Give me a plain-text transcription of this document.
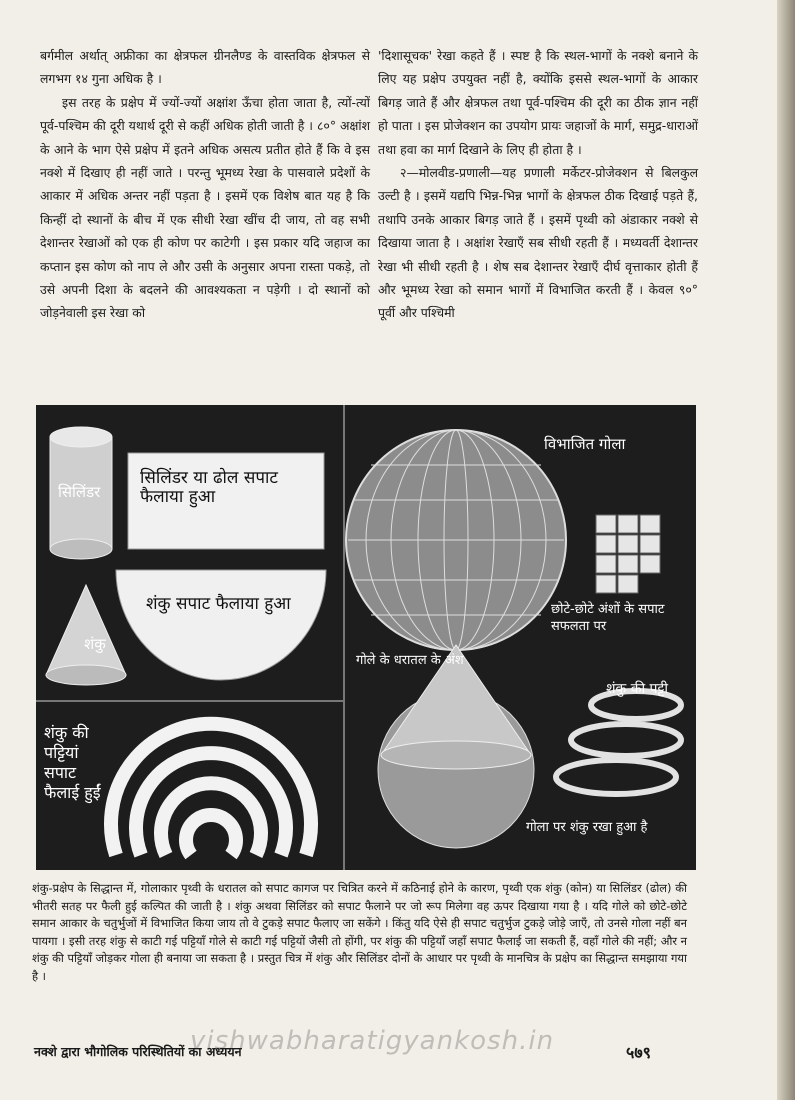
बर्गमील अर्थात् अफ्रीका का क्षेत्रफल ग्रीनलैण्ड के वास्तविक क्षेत्रफल से लगभग १४ गुना अधिक है ।

इस तरह के प्रक्षेप में ज्यों-ज्यों अक्षांश ऊँचा होता जाता है, त्यों-त्यों पूर्व-पश्चिम की दूरी यथार्थ दूरी से कहीं अधिक होती जाती है । ८०° अक्षांश के आने के भाग ऐसे प्रक्षेप में इतने अधिक असत्य प्रतीत होते हैं कि वे इस नक्शे में दिखाए ही नहीं जाते । परन्तु भूमध्य रेखा के पासवाले प्रदेशों के आकार में अधिक अन्तर नहीं पड़ता है । इसमें एक विशेष बात यह है कि किन्हीं दो स्थानों के बीच में एक सीधी रेखा खींच दी जाय, तो वह सभी देशान्तर रेखाओं को एक ही कोण पर काटेगी । इस प्रकार यदि जहाज का कप्तान इस कोण को नाप ले और उसी के अनुसार अपना रास्ता पकड़े, तो उसे अपनी दिशा के बदलने की आवश्यकता न पड़ेगी । दो स्थानों को जोड़नेवाली इस रेखा को

'दिशासूचक' रेखा कहते हैं । स्पष्ट है कि स्थल-भागों के नक्शे बनाने के लिए यह प्रक्षेप उपयुक्त नहीं है, क्योंकि इससे स्थल-भागों के आकार बिगड़ जाते हैं और क्षेत्रफल तथा पूर्व-पश्चिम की दूरी का ठीक ज्ञान नहीं हो पाता । इस प्रोजेक्शन का उपयोग प्रायः जहाजों के मार्ग, समुद्र-धाराओं तथा हवा का मार्ग दिखाने के लिए ही होता है ।

२—मोलवीड-प्रणाली—यह प्रणाली मर्केटर-प्रोजेक्शन से बिलकुल उल्टी है । इसमें यद्यपि भिन्न-भिन्न भागों के क्षेत्रफल ठीक दिखाई पड़ते हैं, तथापि उनके आकार बिगड़ जाते हैं । इसमें पृथ्वी को अंडाकार नक्शे से दिखाया जाता है । अक्षांश रेखाएँ सब सीधी रहती हैं । मध्यवर्ती देशान्तर रेखा भी सीधी रहती है । शेष सब देशान्तर रेखाएँ दीर्घ वृत्ताकार होती हैं और भूमध्य रेखा को समान भागों में विभाजित करती हैं । केवल ९०° पूर्वी और पश्चिमी

सिलिंडर
सिलिंडर या ढोल सपाट फैलाया हुआ
शंकु
शंकु सपाट फैलाया हुआ
शंकु की पट्टियां सपाट फैलाई हुईं
विभाजित गोला
छोटे-छोटे अंशों के सपाट सफलता पर
गोले के धरातल के अंश
शंकु की पट्टी
गोला पर शंकु रखा हुआ है
शंकु-प्रक्षेप के सिद्धान्त में, गोलाकार पृथ्वी के धरातल को सपाट कागज पर चित्रित करने में कठिनाई होने के कारण, पृथ्वी एक शंकु (कोन) या सिलिंडर (ढोल) की भीतरी सतह पर फैली हुई कल्पित की जाती है । शंकु अथवा सिलिंडर को सपाट फैलाने पर जो रूप मिलेगा वह ऊपर दिखाया गया है । यदि गोले को छोटे-छोटे समान आकार के चतुर्भुजों में विभाजित किया जाय तो वे टुकड़े सपाट फैलाए जा सकेंगे । किंतु यदि ऐसे ही सपाट चतुर्भुज टुकड़े जोड़े जाएँ, तो उनसे गोला नहीं बन पायगा । इसी तरह शंकु से काटी गई पट्टियाँ गोले से काटी गई पट्टियों जैसी तो होंगी, पर शंकु की पट्टियाँ जहाँ सपाट फैलाई जा सकती हैं, वहाँ गोले की नहीं; और न शंकु की पट्टियाँ जोड़कर गोला ही बनाया जा सकता है । प्रस्तुत चित्र में शंकु और सिलिंडर दोनों के आधार पर पृथ्वी के मानचित्र के प्रक्षेप का सिद्धान्त समझाया गया है ।
vishwabharatigyankosh.in
नक्शे द्वारा भौगोलिक परिस्थितियों का अध्ययन	५७९
